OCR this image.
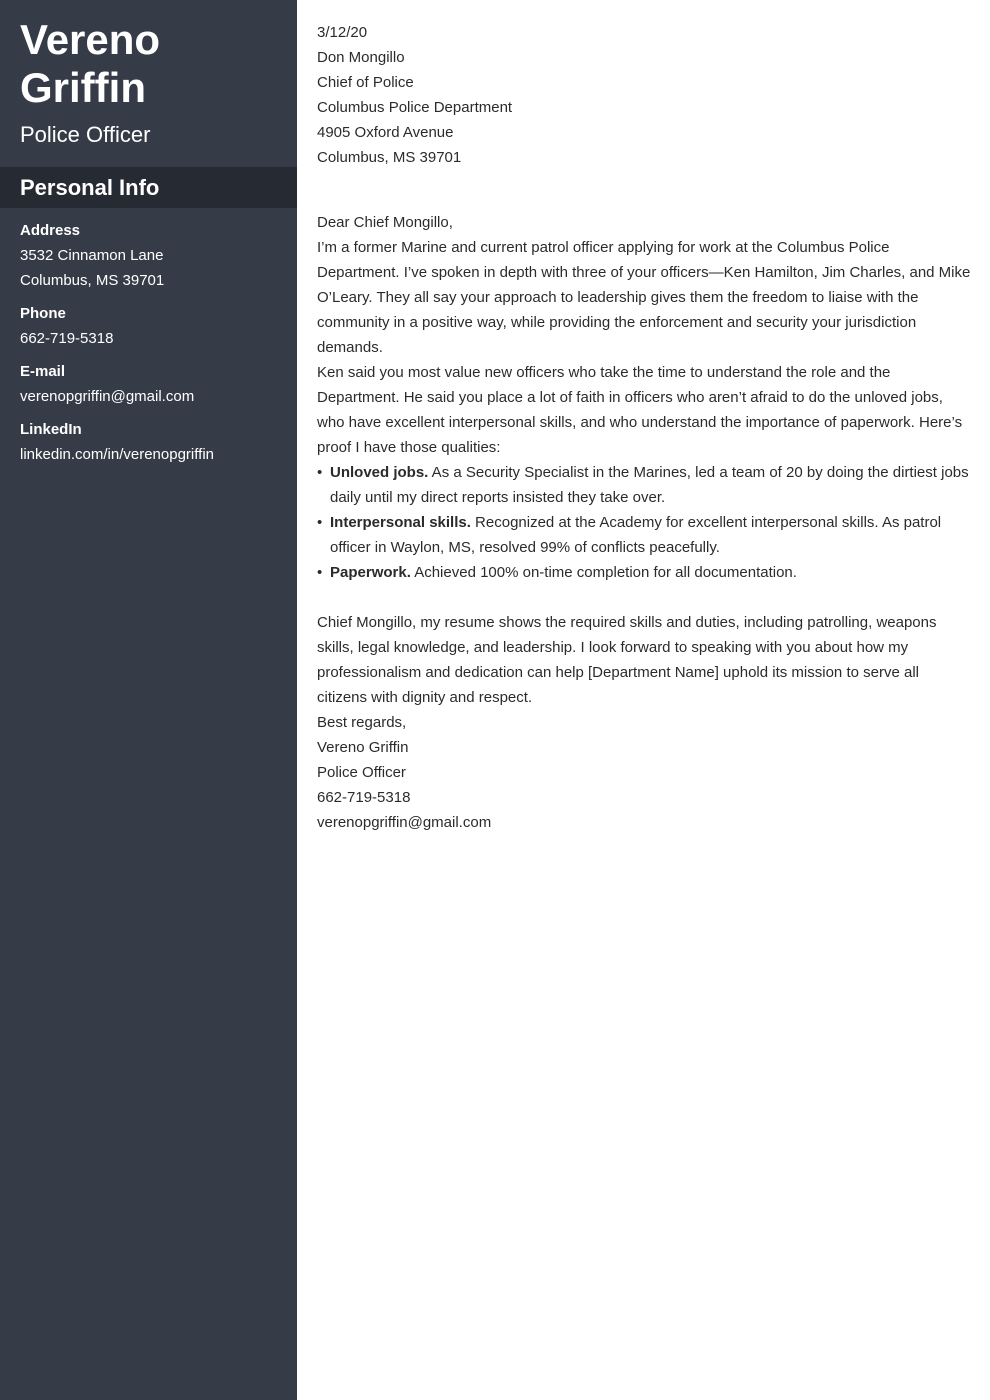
Vereno
Griffin
Police Officer
Personal Info
Address
3532 Cinnamon Lane
Columbus, MS 39701
Phone
662-719-5318
E-mail
verenopgriffin@gmail.com
LinkedIn
linkedin.com/in/verenopgriffin

3/12/20

Don Mongillo

Chief of Police

Columbus Police Department

4905 Oxford Avenue

Columbus, MS 39701

Dear Chief Mongillo,

I’m a former Marine and current patrol officer applying for work at the Columbus Police Department. I’ve spoken in depth with three of your officers—Ken Hamilton, Jim Charles, and Mike O’Leary. They all say your approach to leadership gives them the freedom to liaise with the community in a positive way, while providing the enforcement and security your jurisdiction demands.

Ken said you most value new officers who take the time to understand the role and the Department. He said you place a lot of faith in officers who aren’t afraid to do the unloved jobs, who have excellent interpersonal skills, and who understand the importance of paperwork. Here’s proof I have those qualities:

• Unloved jobs. As a Security Specialist in the Marines, led a team of 20 by doing the dirtiest jobs daily until my direct reports insisted they take over.
• Interpersonal skills. Recognized at the Academy for excellent interpersonal skills. As patrol officer in Waylon, MS, resolved 99% of conflicts peacefully.
• Paperwork. Achieved 100% on-time completion for all documentation.

Chief Mongillo, my resume shows the required skills and duties, including patrolling, weapons skills, legal knowledge, and leadership. I look forward to speaking with you about how my professionalism and dedication can help [Department Name] uphold its mission to serve all citizens with dignity and respect.

Best regards,

Vereno Griffin

Police Officer

662-719-5318

verenopgriffin@gmail.com
